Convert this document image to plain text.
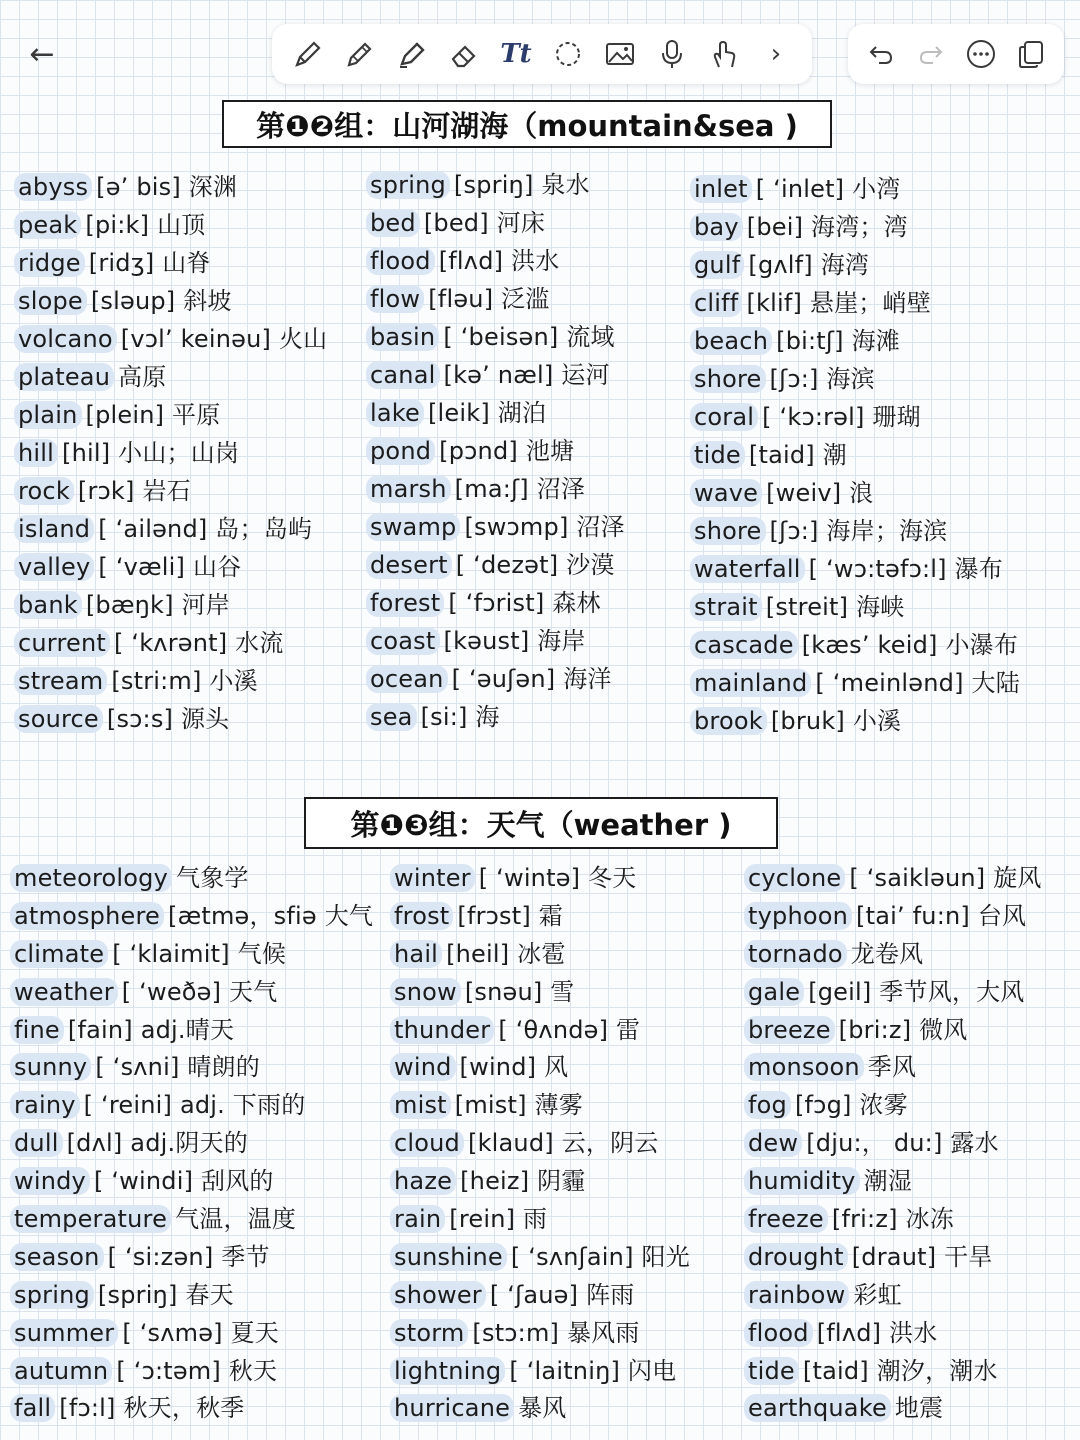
←	Tt	›
第❶❷组：山河湖海（mountain&sea )
abyss [ə’ bis] 深渊
peak [pi:k] 山顶
ridge [ridʒ] 山脊
slope [sləup] 斜坡
volcano [vɔl’ keinəu] 火山
plateau 高原
plain [plein] 平原
hill [hil] 小山；山岗
rock [rɔk] 岩石
island [ ‘ailənd] 岛；岛屿
valley [ ‘væli] 山谷
bank [bæŋk] 河岸
current [ ‘kʌrənt] 水流
stream [stri:m] 小溪
source [sɔ:s] 源头
spring [spriŋ] 泉水
bed [bed] 河床
flood [flʌd] 洪水
flow [fləu] 泛滥
basin [ ‘beisən] 流域
canal [kə’ næl] 运河
lake [leik] 湖泊
pond [pɔnd] 池塘
marsh [ma:ʃ] 沼泽
swamp [swɔmp] 沼泽
desert [ ‘dezət] 沙漠
forest [ ‘fɔrist] 森林
coast [kəust] 海岸
ocean [ ‘əuʃən] 海洋
sea [si:] 海
inlet [ ‘inlet] 小湾
bay [bei] 海湾；湾
gulf [gʌlf] 海湾
cliff [klif] 悬崖；峭壁
beach [bi:tʃ] 海滩
shore [ʃɔ:] 海滨
coral [ ‘kɔ:rəl] 珊瑚
tide [taid] 潮
wave [weiv] 浪
shore [ʃɔ:] 海岸；海滨
waterfall [ ‘wɔ:təfɔ:l] 瀑布
strait [streit] 海峡
cascade [kæs’ keid] 小瀑布
mainland [ ‘meinlənd] 大陆
brook [bruk] 小溪
第❶❸组：天气（weather )
meteorology 气象学
atmosphere [ætmə，sfiə 大气
climate [ ‘klaimit] 气候
weather [ ‘weðə] 天气
fine [fain] adj.晴天
sunny [ ‘sʌni] 晴朗的
rainy [ ‘reini] adj. 下雨的
dull [dʌl] adj.阴天的
windy [ ‘windi] 刮风的
temperature 气温，温度
season [ ‘si:zən] 季节
spring [spriŋ] 春天
summer [ ‘sʌmə] 夏天
autumn [ ‘ɔ:təm] 秋天
fall [fɔ:l] 秋天，秋季
winter [ ‘wintə] 冬天
frost [frɔst] 霜
hail [heil] 冰雹
snow [snəu] 雪
thunder [ ‘θʌndə] 雷
wind [wind] 风
mist [mist] 薄雾
cloud [klaud] 云，阴云
haze [heiz] 阴霾
rain [rein] 雨
sunshine [ ‘sʌnʃain] 阳光
shower [ ‘ʃauə] 阵雨
storm [stɔ:m] 暴风雨
lightning [ ‘laitniŋ] 闪电
hurricane 暴风
cyclone [ ‘saikləun] 旋风
typhoon [tai’ fu:n] 台风
tornado 龙卷风
gale [geil] 季节风，大风
breeze [bri:z] 微风
monsoon 季风
fog [fɔg] 浓雾
dew [dju:， du:] 露水
humidity 潮湿
freeze [fri:z] 冰冻
drought [draut] 干旱
rainbow 彩虹
flood [flʌd] 洪水
tide [taid] 潮汐，潮水
earthquake 地震
